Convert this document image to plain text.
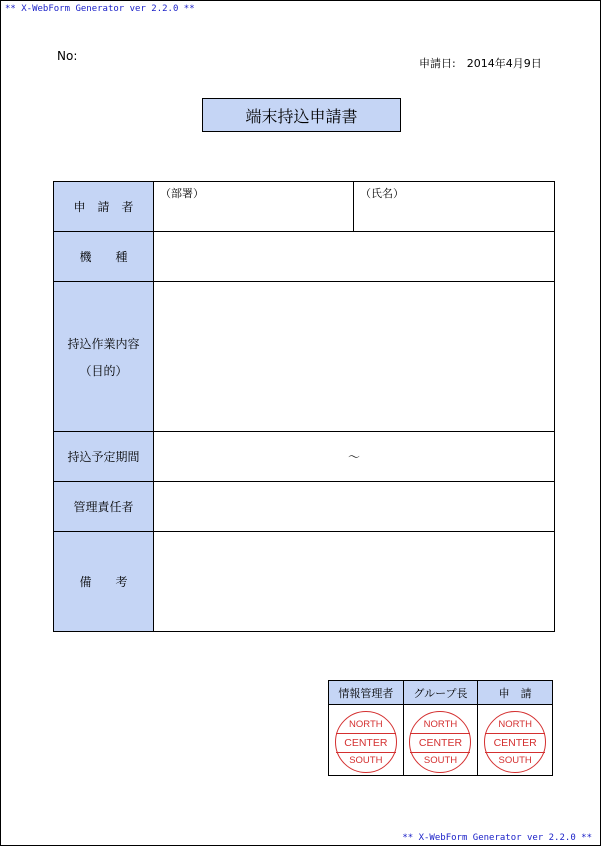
** X-WebForm Generator ver 2.2.0 **
No:
申請日:　2014年4月9日
端末持込申請書
申　請　者	（部署）	（氏名）

機　　種		

持込作業内容
（目的）		

持込予定期間	～	
管理責任者		
備　　考		
情報管理者	グループ長	申　請

NORTH
CENTER
SOUTH	NORTH
CENTER
SOUTH	NORTH
CENTER
SOUTH
** X-WebForm Generator ver 2.2.0 **
